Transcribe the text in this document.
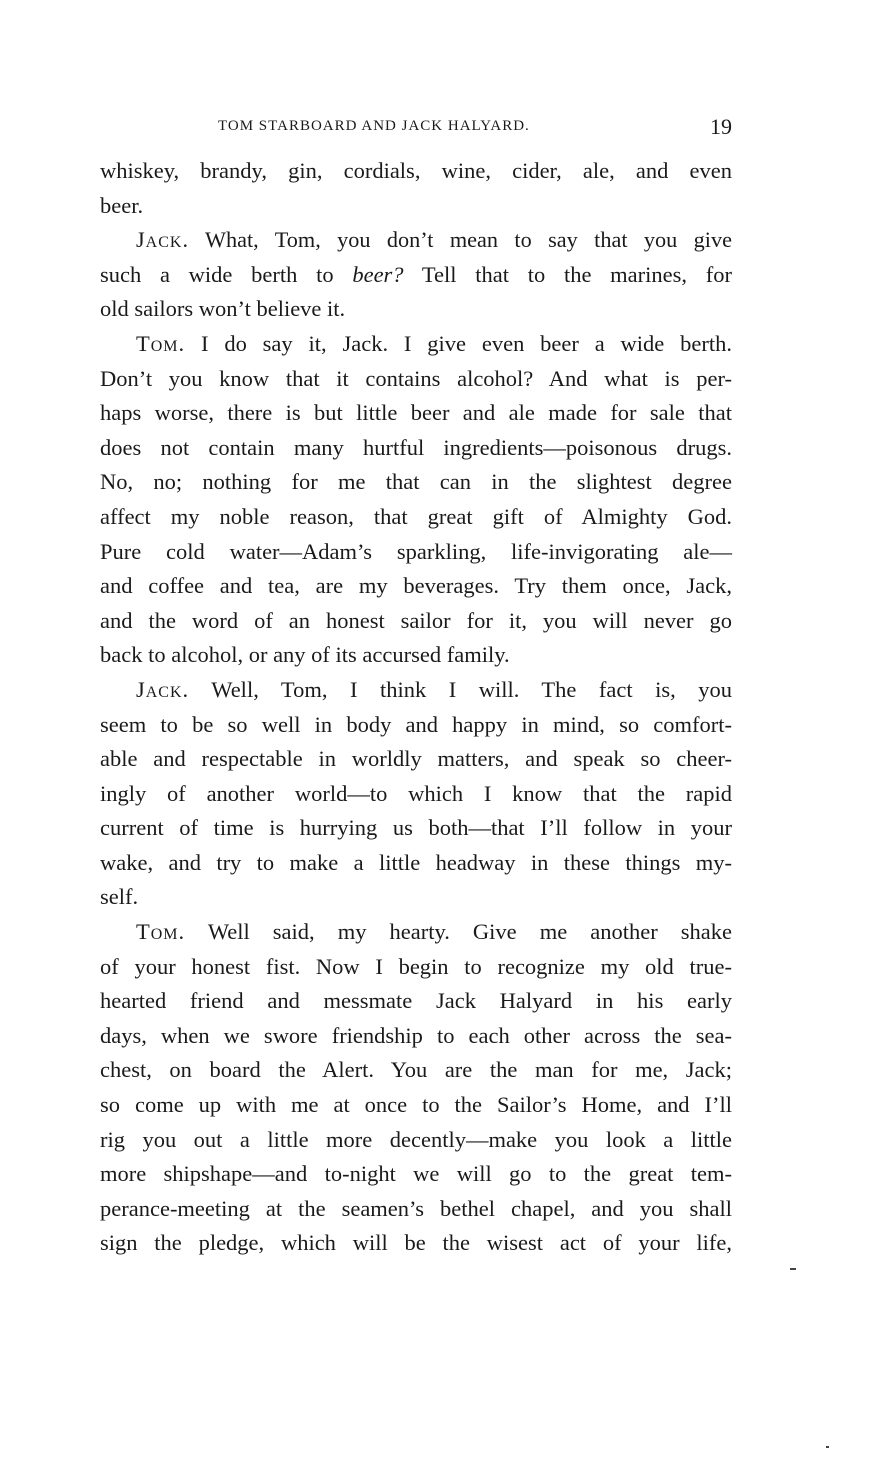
TOM STARBOARD AND JACK HALYARD.	19
whiskey, brandy, gin, cordials, wine, cider, ale, and even
beer.
Jack. What, Tom, you don’t mean to say that you give
such a wide berth to beer? Tell that to the marines, for
old sailors won’t believe it.
Tom. I do say it, Jack. I give even beer a wide berth.
Don’t you know that it contains alcohol? And what is per-
haps worse, there is but little beer and ale made for sale that
does not contain many hurtful ingredients—poisonous drugs.
No, no; nothing for me that can in the slightest degree
affect my noble reason, that great gift of Almighty God.
Pure cold water—Adam’s sparkling, life-invigorating ale—
and coffee and tea, are my beverages. Try them once, Jack,
and the word of an honest sailor for it, you will never go
back to alcohol, or any of its accursed family.
Jack. Well, Tom, I think I will. The fact is, you
seem to be so well in body and happy in mind, so comfort-
able and respectable in worldly matters, and speak so cheer-
ingly of another world—to which I know that the rapid
current of time is hurrying us both—that I’ll follow in your
wake, and try to make a little headway in these things my-
self.
Tom. Well said, my hearty. Give me another shake
of your honest fist. Now I begin to recognize my old true-
hearted friend and messmate Jack Halyard in his early
days, when we swore friendship to each other across the sea-
chest, on board the Alert. You are the man for me, Jack;
so come up with me at once to the Sailor’s Home, and I’ll
rig you out a little more decently—make you look a little
more shipshape—and to-night we will go to the great tem-
perance-meeting at the seamen’s bethel chapel, and you shall
sign the pledge, which will be the wisest act of your life,
